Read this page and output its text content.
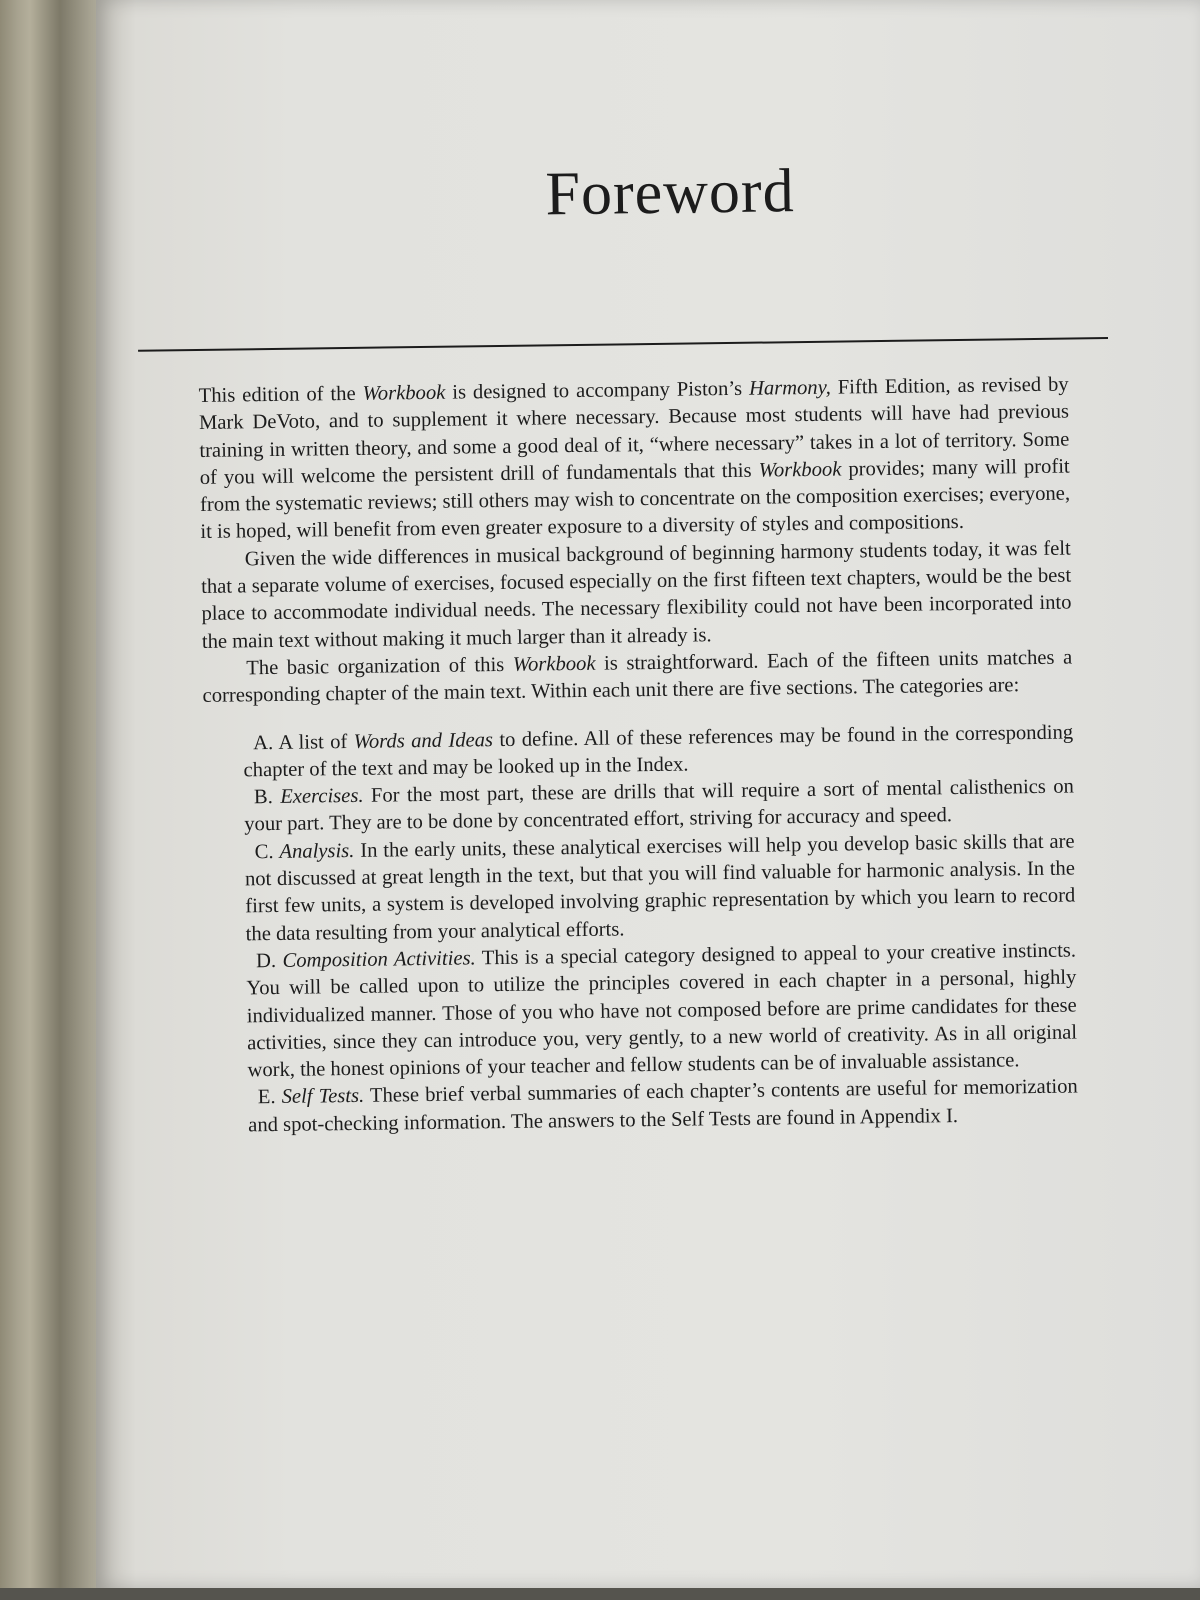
Foreword

This edition of the Workbook is designed to accompany Piston’s Harmony, Fifth Edition, as revised by Mark DeVoto, and to supplement it where necessary. Because most students will have had previous training in written theory, and some a good deal of it, “where necessary” takes in a lot of territory. Some of you will welcome the persistent drill of fundamentals that this Workbook provides; many will profit from the systematic reviews; still others may wish to concentrate on the composition exercises; everyone, it is hoped, will benefit from even greater exposure to a diversity of styles and compositions.

Given the wide differences in musical background of beginning harmony students today, it was felt that a separate volume of exercises, focused especially on the first fifteen text chapters, would be the best place to accommodate individual needs. The necessary flexibility could not have been incorporated into the main text without making it much larger than it already is.

The basic organization of this Workbook is straightforward. Each of the fifteen units matches a corresponding chapter of the main text. Within each unit there are five sections. The categories are:

A. A list of Words and Ideas to define. All of these references may be found in the corresponding chapter of the text and may be looked up in the Index.
B. Exercises. For the most part, these are drills that will require a sort of mental calisthenics on your part. They are to be done by concentrated effort, striving for accuracy and speed.
C. Analysis. In the early units, these analytical exercises will help you develop basic skills that are not discussed at great length in the text, but that you will find valuable for harmonic analysis. In the first few units, a system is developed involving graphic representation by which you learn to record the data resulting from your analytical efforts.
D. Composition Activities. This is a special category designed to appeal to your creative instincts. You will be called upon to utilize the principles covered in each chapter in a personal, highly individualized manner. Those of you who have not composed before are prime candidates for these activities, since they can introduce you, very gently, to a new world of creativity. As in all original work, the honest opinions of your teacher and fellow students can be of invaluable assistance.
E. Self Tests. These brief verbal summaries of each chapter’s contents are useful for memorization and spot-checking information. The answers to the Self Tests are found in Appendix I.
